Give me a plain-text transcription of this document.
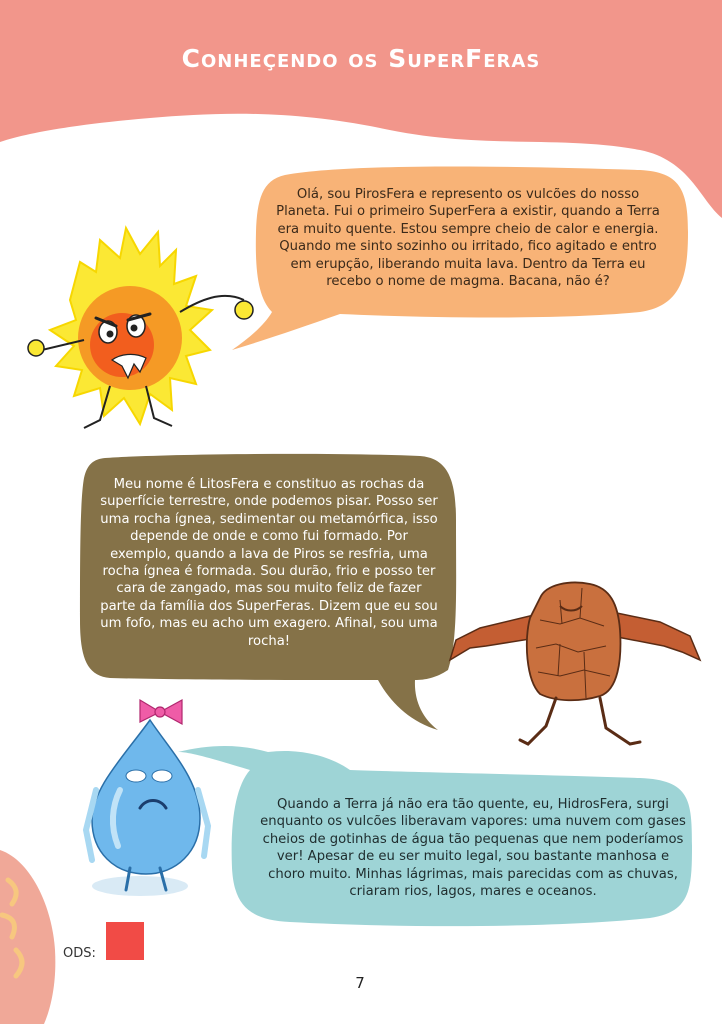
Conheçendo os SuperFeras
Olá, sou PirosFera e represento os vulcões do nosso Planeta. Fui o primeiro SuperFera a existir, quando a Terra era muito quente. Estou sempre cheio de calor e energia. Quando me sinto sozinho ou irritado, fico agitado e entro em erupção, liberando muita lava. Dentro da Terra eu recebo o nome de magma. Bacana, não é?
Meu nome é LitosFera e constituo as rochas da superfície terrestre, onde podemos pisar. Posso ser uma rocha ígnea, sedimentar ou metamórfica, isso depende de onde e como fui formado. Por exemplo, quando a lava de Piros se resfria, uma rocha ígnea é formada. Sou durão, frio e posso ter cara de zangado, mas sou muito feliz de fazer parte da família dos SuperFeras. Dizem que eu sou um fofo, mas eu acho um exagero. Afinal, sou uma rocha!
Quando a Terra já não era tão quente, eu, HidrosFera, surgi enquanto os vulcões liberavam vapores: uma nuvem com gases cheios de gotinhas de água tão pequenas que nem poderíamos ver! Apesar de eu ser muito legal, sou bastante manhosa e choro muito. Minhas lágrimas, mais parecidas com as chuvas, criaram rios, lagos, mares e oceanos.
ODS:
7
